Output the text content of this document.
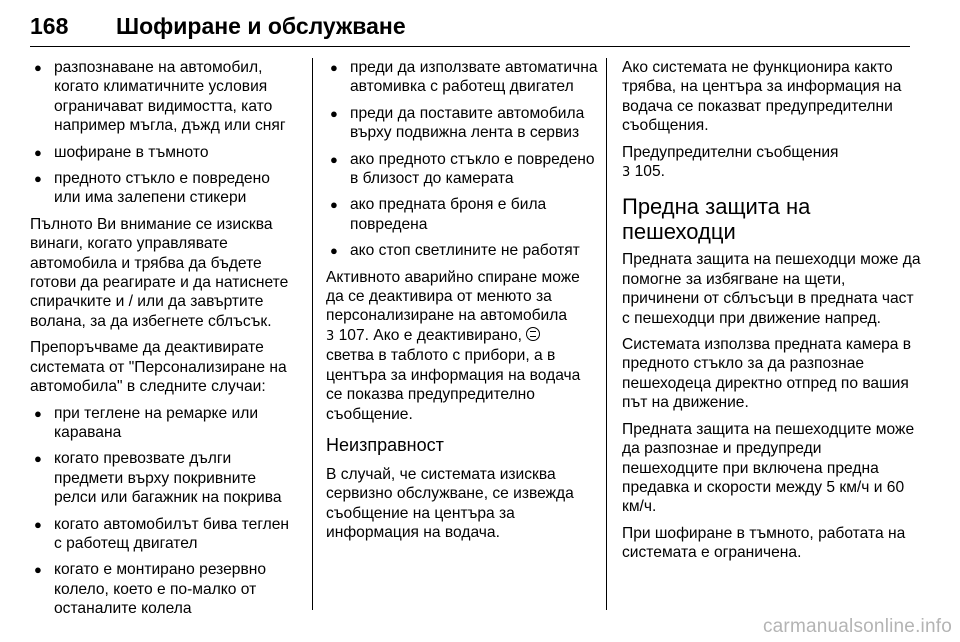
168	Шофиране и обслужване
● разпознаване на автомобил, когато климатичните условия ограничават видимостта, като например мъгла, дъжд или сняг
● шофиране в тъмното
● предното стъкло е повредено или има залепени стикери
Пълното Ви внимание се изисква винаги, когато управлявате автомобила и трябва да бъдете готови да реагирате и да натиснете спирачките и / или да завъртите волана, за да избегнете сблъсък.
Препоръчваме да деактивирате системата от "Персонализиране на автомобила" в следните случаи:
● при теглене на ремарке или каравана
● когато превозвате дълги предмети върху покривните релси или багажник на покрива
● когато автомобилът бива теглен с работещ двигател
● когато е монтирано резервно колело, което е по-малко от останалите колела
● преди да използвате автоматична автомивка с работещ двигател
● преди да поставите автомобила върху подвижна лента в сервиз
● ако предното стъкло е повредено в близост до камерата
● ако предната броня е била повредена
● ако стоп светлините не работят
Активното аварийно спиране може да се деактивира от менюто за персонализиране на автомобила
3 107. Ако е деактивирано,
светва в таблото с прибори, а в центъра за информация на водача се показва предупредително съобщение.
Неизправност
В случай, че системата изисква сервизно обслужване, се извежда съобщение на центъра за информация на водача.
Ако системата не функционира както трябва, на центъра за информация на водача се показват предупредителни съобщения.
Предупредителни съобщения
3 105.
Предна защита на пешеходци
Предната защита на пешеходци може да помогне за избягване на щети, причинени от сблъсъци в предната част с пешеходци при движение напред.
Системата използва предната камера в предното стъкло за да разпознае пешеходеца директно отпред по вашия път на движение.
Предната защита на пешеходците може да разпознае и предупреди пешеходците при включена предна предавка и скорости между 5 км/ч и 60 км/ч.
При шофиране в тъмното, работата на системата е ограничена.
carmanualsonline.info
